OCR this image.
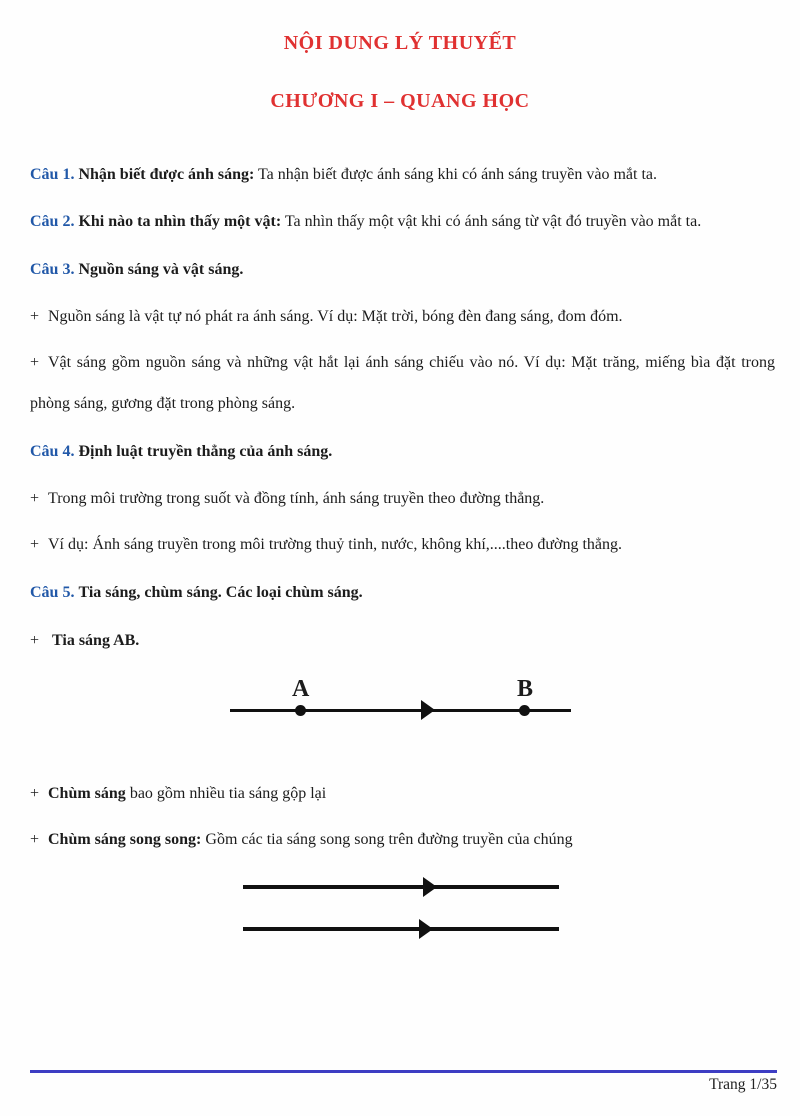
NỘI DUNG LÝ THUYẾT
CHƯƠNG I – QUANG HỌC

Câu 1. Nhận biết được ánh sáng: Ta nhận biết được ánh sáng khi có ánh sáng truyền vào mắt ta.

Câu 2. Khi nào ta nhìn thấy một vật: Ta nhìn thấy một vật khi có ánh sáng từ vật đó truyền vào mắt ta.

Câu 3. Nguồn sáng và vật sáng.

+ Nguồn sáng là vật tự nó phát ra ánh sáng. Ví dụ: Mặt trời, bóng đèn đang sáng, đom đóm.

+ Vật sáng gồm nguồn sáng và những vật hắt lại ánh sáng chiếu vào nó. Ví dụ: Mặt trăng, miếng bìa đặt trong phòng sáng, gương đặt trong phòng sáng.

Câu 4. Định luật truyền thẳng của ánh sáng.

+ Trong môi trường trong suốt và đồng tính, ánh sáng truyền theo đường thẳng.

+ Ví dụ: Ánh sáng truyền trong môi trường thuỷ tinh, nước, không khí,....theo đường thẳng.

Câu 5. Tia sáng, chùm sáng. Các loại chùm sáng.

+ Tia sáng AB.

A	B

+ Chùm sáng bao gồm nhiều tia sáng gộp lại

+ Chùm sáng song song: Gồm các tia sáng song song trên đường truyền của chúng

Trang 1/35
